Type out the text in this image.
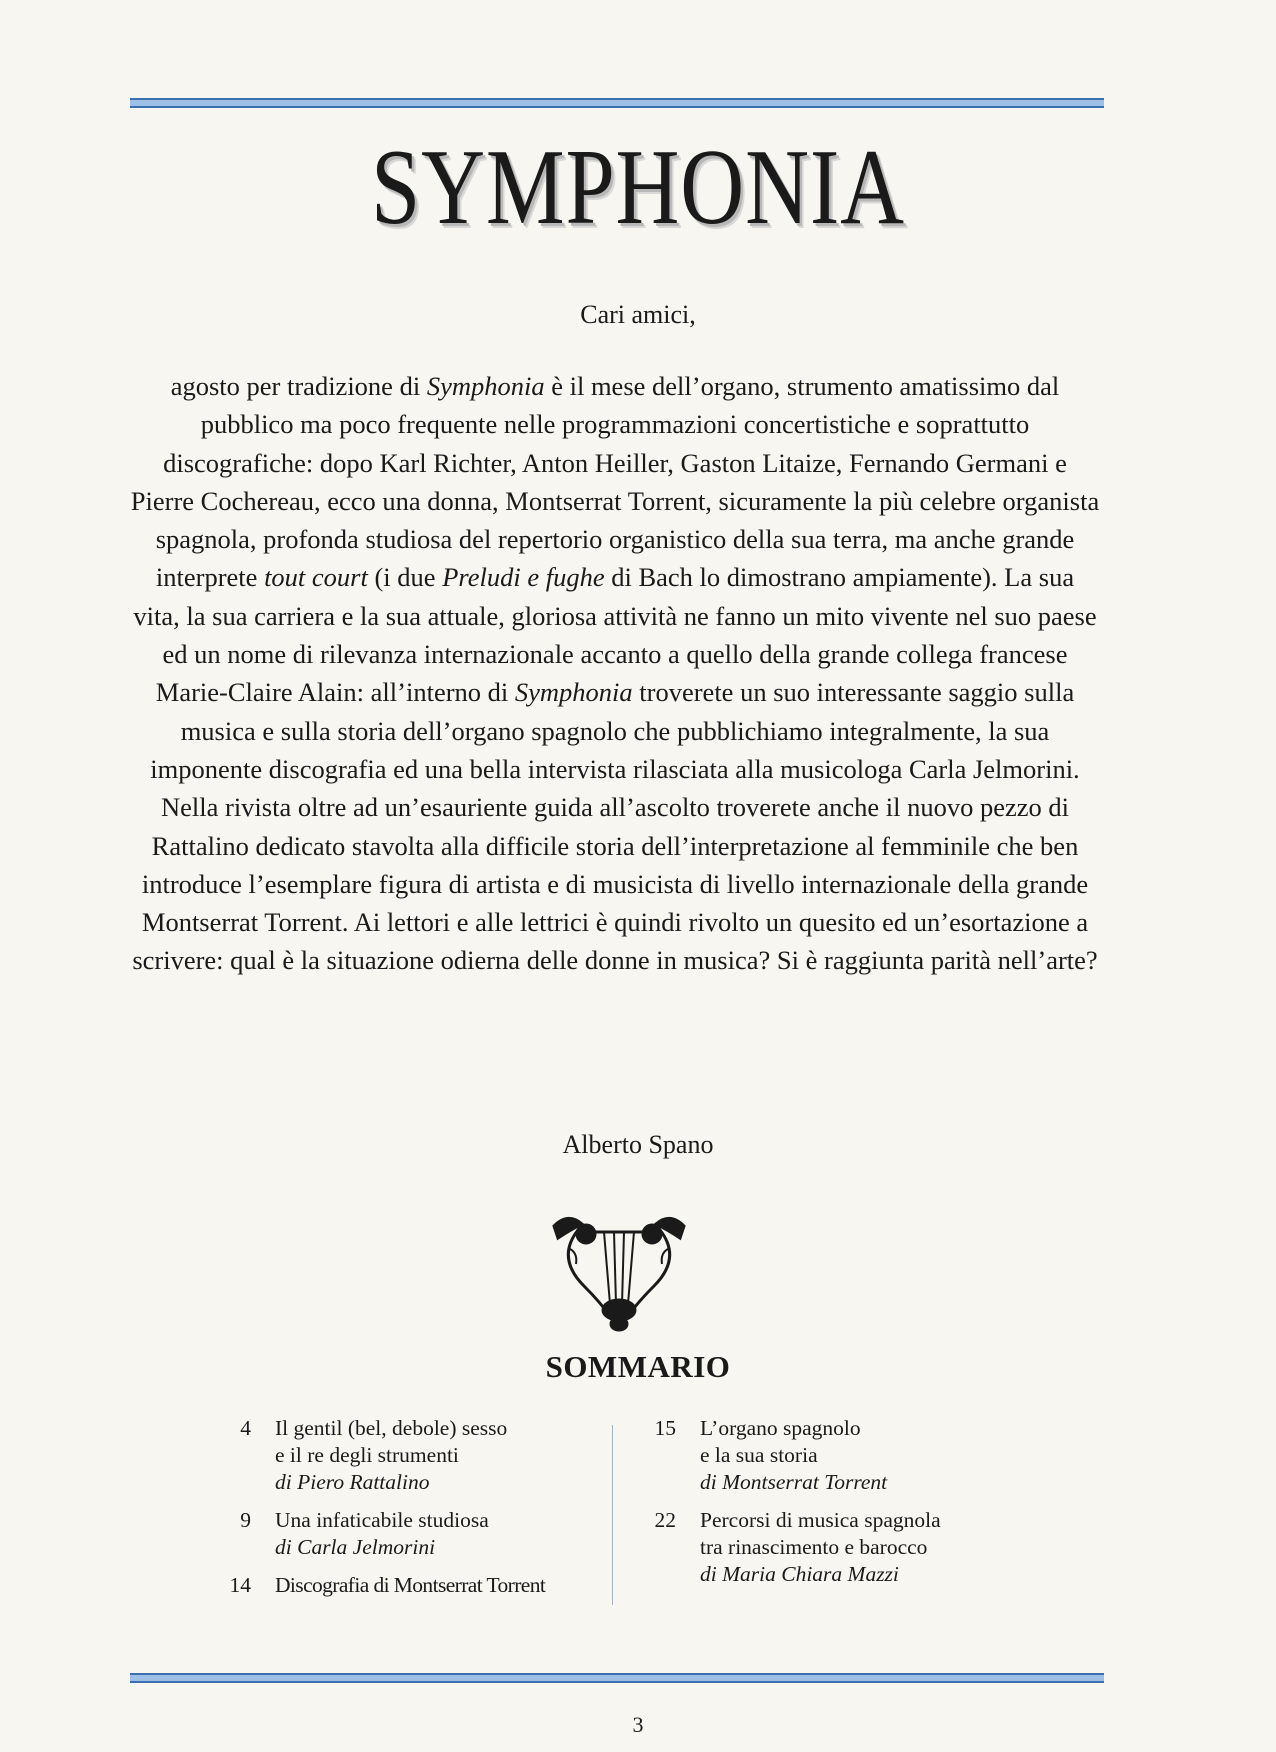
SYMPHONIA
Cari amici,

agosto per tradizione di Symphonia è il mese dell’organo, strumento amatissimo dal pubblico ma poco frequente nelle programmazioni concertistiche e soprattutto discografiche: dopo Karl Richter, Anton Heiller, Gaston Litaize, Fernando Germani e Pierre Cochereau, ecco una donna, Montserrat Torrent, sicuramente la più celebre organista spagnola, profonda studiosa del repertorio organistico della sua terra, ma anche grande interprete tout court (i due Preludi e fughe di Bach lo dimostrano ampiamente). La sua vita, la sua carriera e la sua attuale, gloriosa attività ne fanno un mito vivente nel suo paese ed un nome di rilevanza internazionale accanto a quello della grande collega francese Marie-Claire Alain: all’interno di Symphonia troverete un suo interessante saggio sulla musica e sulla storia dell’organo spagnolo che pubblichiamo integralmente, la sua imponente discografia ed una bella intervista rilasciata alla musicologa Carla Jelmorini. Nella rivista oltre ad un’esauriente guida all’ascolto troverete anche il nuovo pezzo di Rattalino dedicato stavolta alla difficile storia dell’interpretazione al femminile che ben introduce l’esemplare figura di artista e di musicista di livello internazionale della grande Montserrat Torrent. Ai lettori e alle lettrici è quindi rivolto un quesito ed un’esortazione a scrivere: qual è la situazione odierna delle donne in musica? Si è raggiunta parità nell’arte?

Alberto Spano
SOMMARIO
4 Il gentil (bel, debole) sesso
e il re degli strumenti
di Piero Rattalino
9 Una infaticabile studiosa
di Carla Jelmorini
14 Discografia di Montserrat Torrent
15 L’organo spagnolo
e la sua storia
di Montserrat Torrent
22 Percorsi di musica spagnola
tra rinascimento e barocco
di Maria Chiara Mazzi
3
